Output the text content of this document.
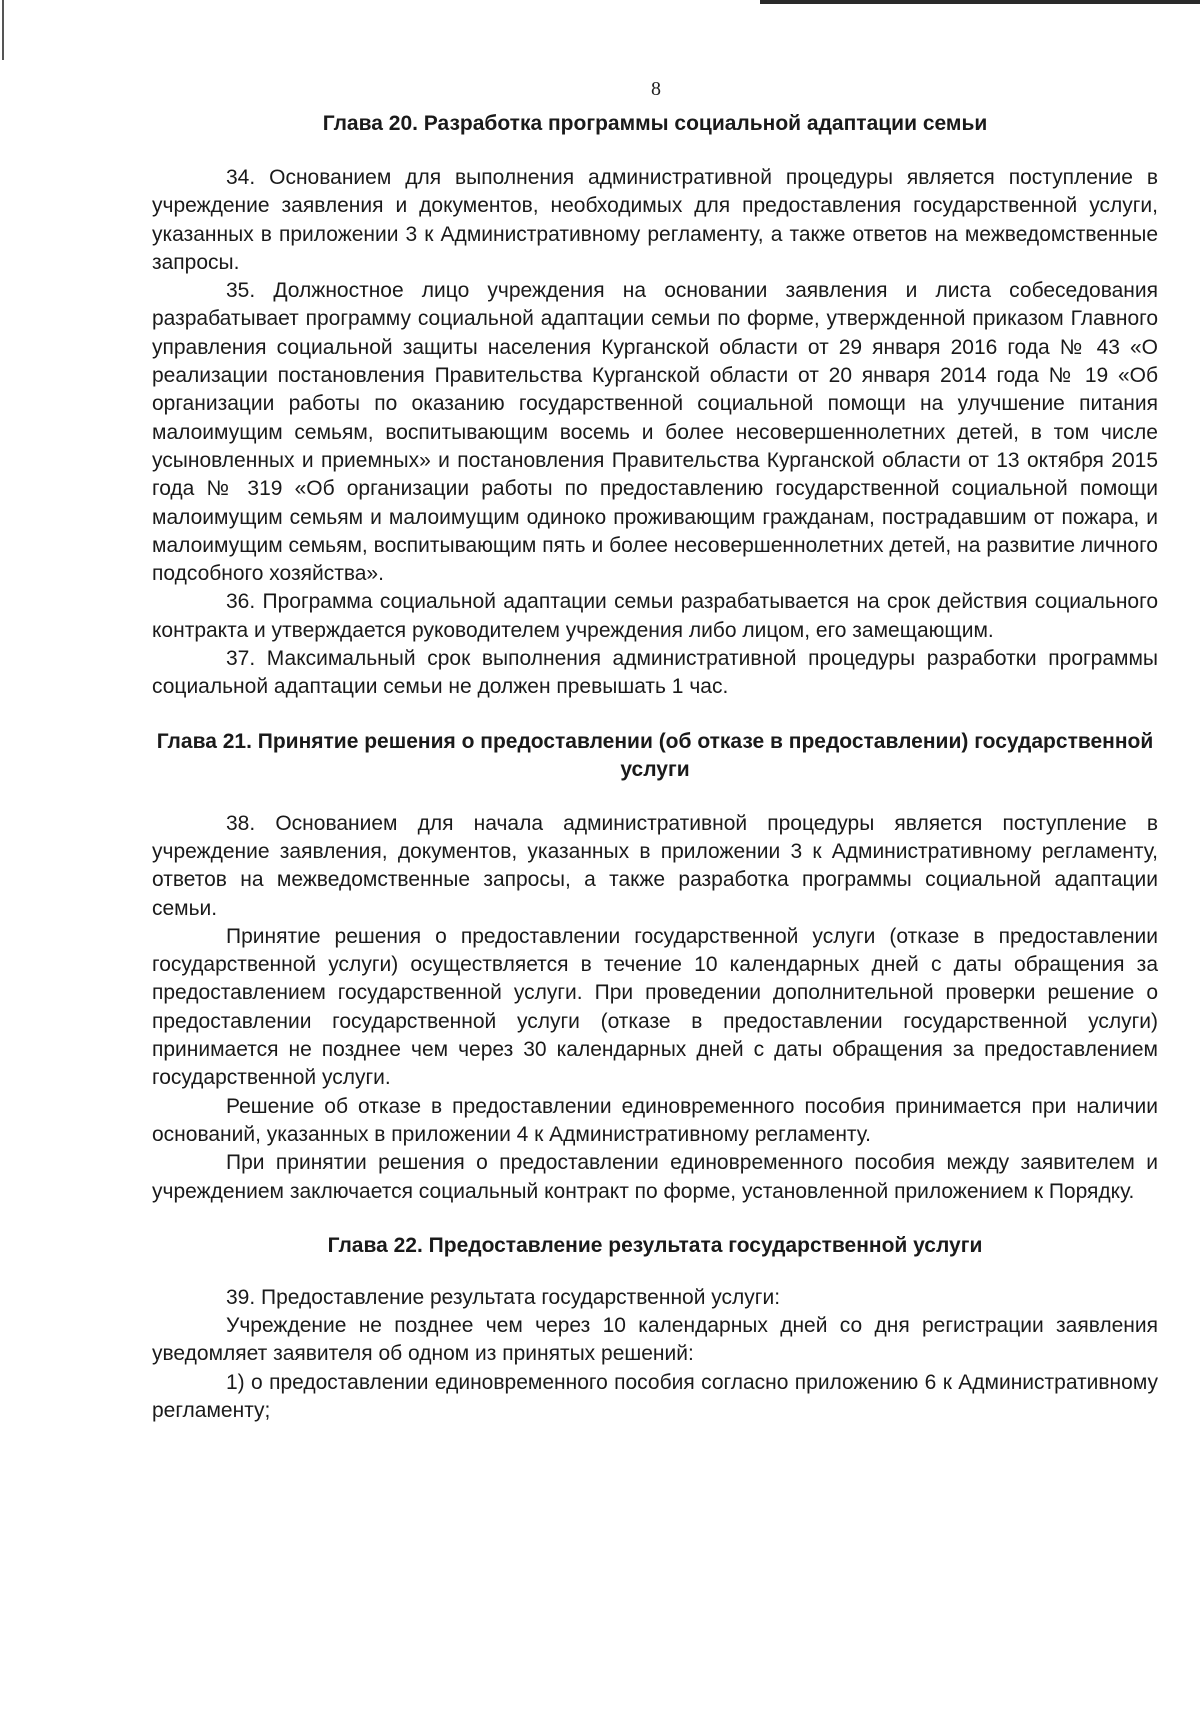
8
Глава 20. Разработка программы социальной адаптации семьи

34. Основанием для выполнения административной процедуры является поступление в учреждение заявления и документов, необходимых для предоставления государственной услуги, указанных в приложении 3 к Административному регламенту, а также ответов на межведомственные запросы.

35. Должностное лицо учреждения на основании заявления и листа собеседования разрабатывает программу социальной адаптации семьи по форме, утвержденной приказом Главного управления социальной защиты населения Курганской области от 29 января 2016 года № 43 «О реализации постановления Правительства Курганской области от 20 января 2014 года № 19 «Об организации работы по оказанию государственной социальной помощи на улучшение питания малоимущим семьям, воспитывающим восемь и более несовершеннолетних детей, в том числе усыновленных и приемных» и постановления Правительства Курганской области от 13 октября 2015 года № 319 «Об организации работы по предоставлению государственной социальной помощи малоимущим семьям и малоимущим одиноко проживающим гражданам, пострадавшим от пожара, и малоимущим семьям, воспитывающим пять и более несовершеннолетних детей, на развитие личного подсобного хозяйства».

36. Программа социальной адаптации семьи разрабатывается на срок действия социального контракта и утверждается руководителем учреждения либо лицом, его замещающим.

37. Максимальный срок выполнения административной процедуры разработки программы социальной адаптации семьи не должен превышать 1 час.

Глава 21. Принятие решения о предоставлении (об отказе в предоставлении) государственной услуги

38. Основанием для начала административной процедуры является поступление в учреждение заявления, документов, указанных в приложении 3 к Административному регламенту, ответов на межведомственные запросы, а также разработка программы социальной адаптации семьи.

Принятие решения о предоставлении государственной услуги (отказе в предоставлении государственной услуги) осуществляется в течение 10 календарных дней с даты обращения за предоставлением государственной услуги. При проведении дополнительной проверки решение о предоставлении государственной услуги (отказе в предоставлении государственной услуги) принимается не позднее чем через 30 календарных дней с даты обращения за предоставлением государственной услуги.

Решение об отказе в предоставлении единовременного пособия принимается при наличии оснований, указанных в приложении 4 к Административному регламенту.

При принятии решения о предоставлении единовременного пособия между заявителем и учреждением заключается социальный контракт по форме, установленной приложением к Порядку.

Глава 22. Предоставление результата государственной услуги

39. Предоставление результата государственной услуги:

Учреждение не позднее чем через 10 календарных дней со дня регистрации заявления уведомляет заявителя об одном из принятых решений:

1) о предоставлении единовременного пособия согласно приложению 6 к Административному регламенту;
